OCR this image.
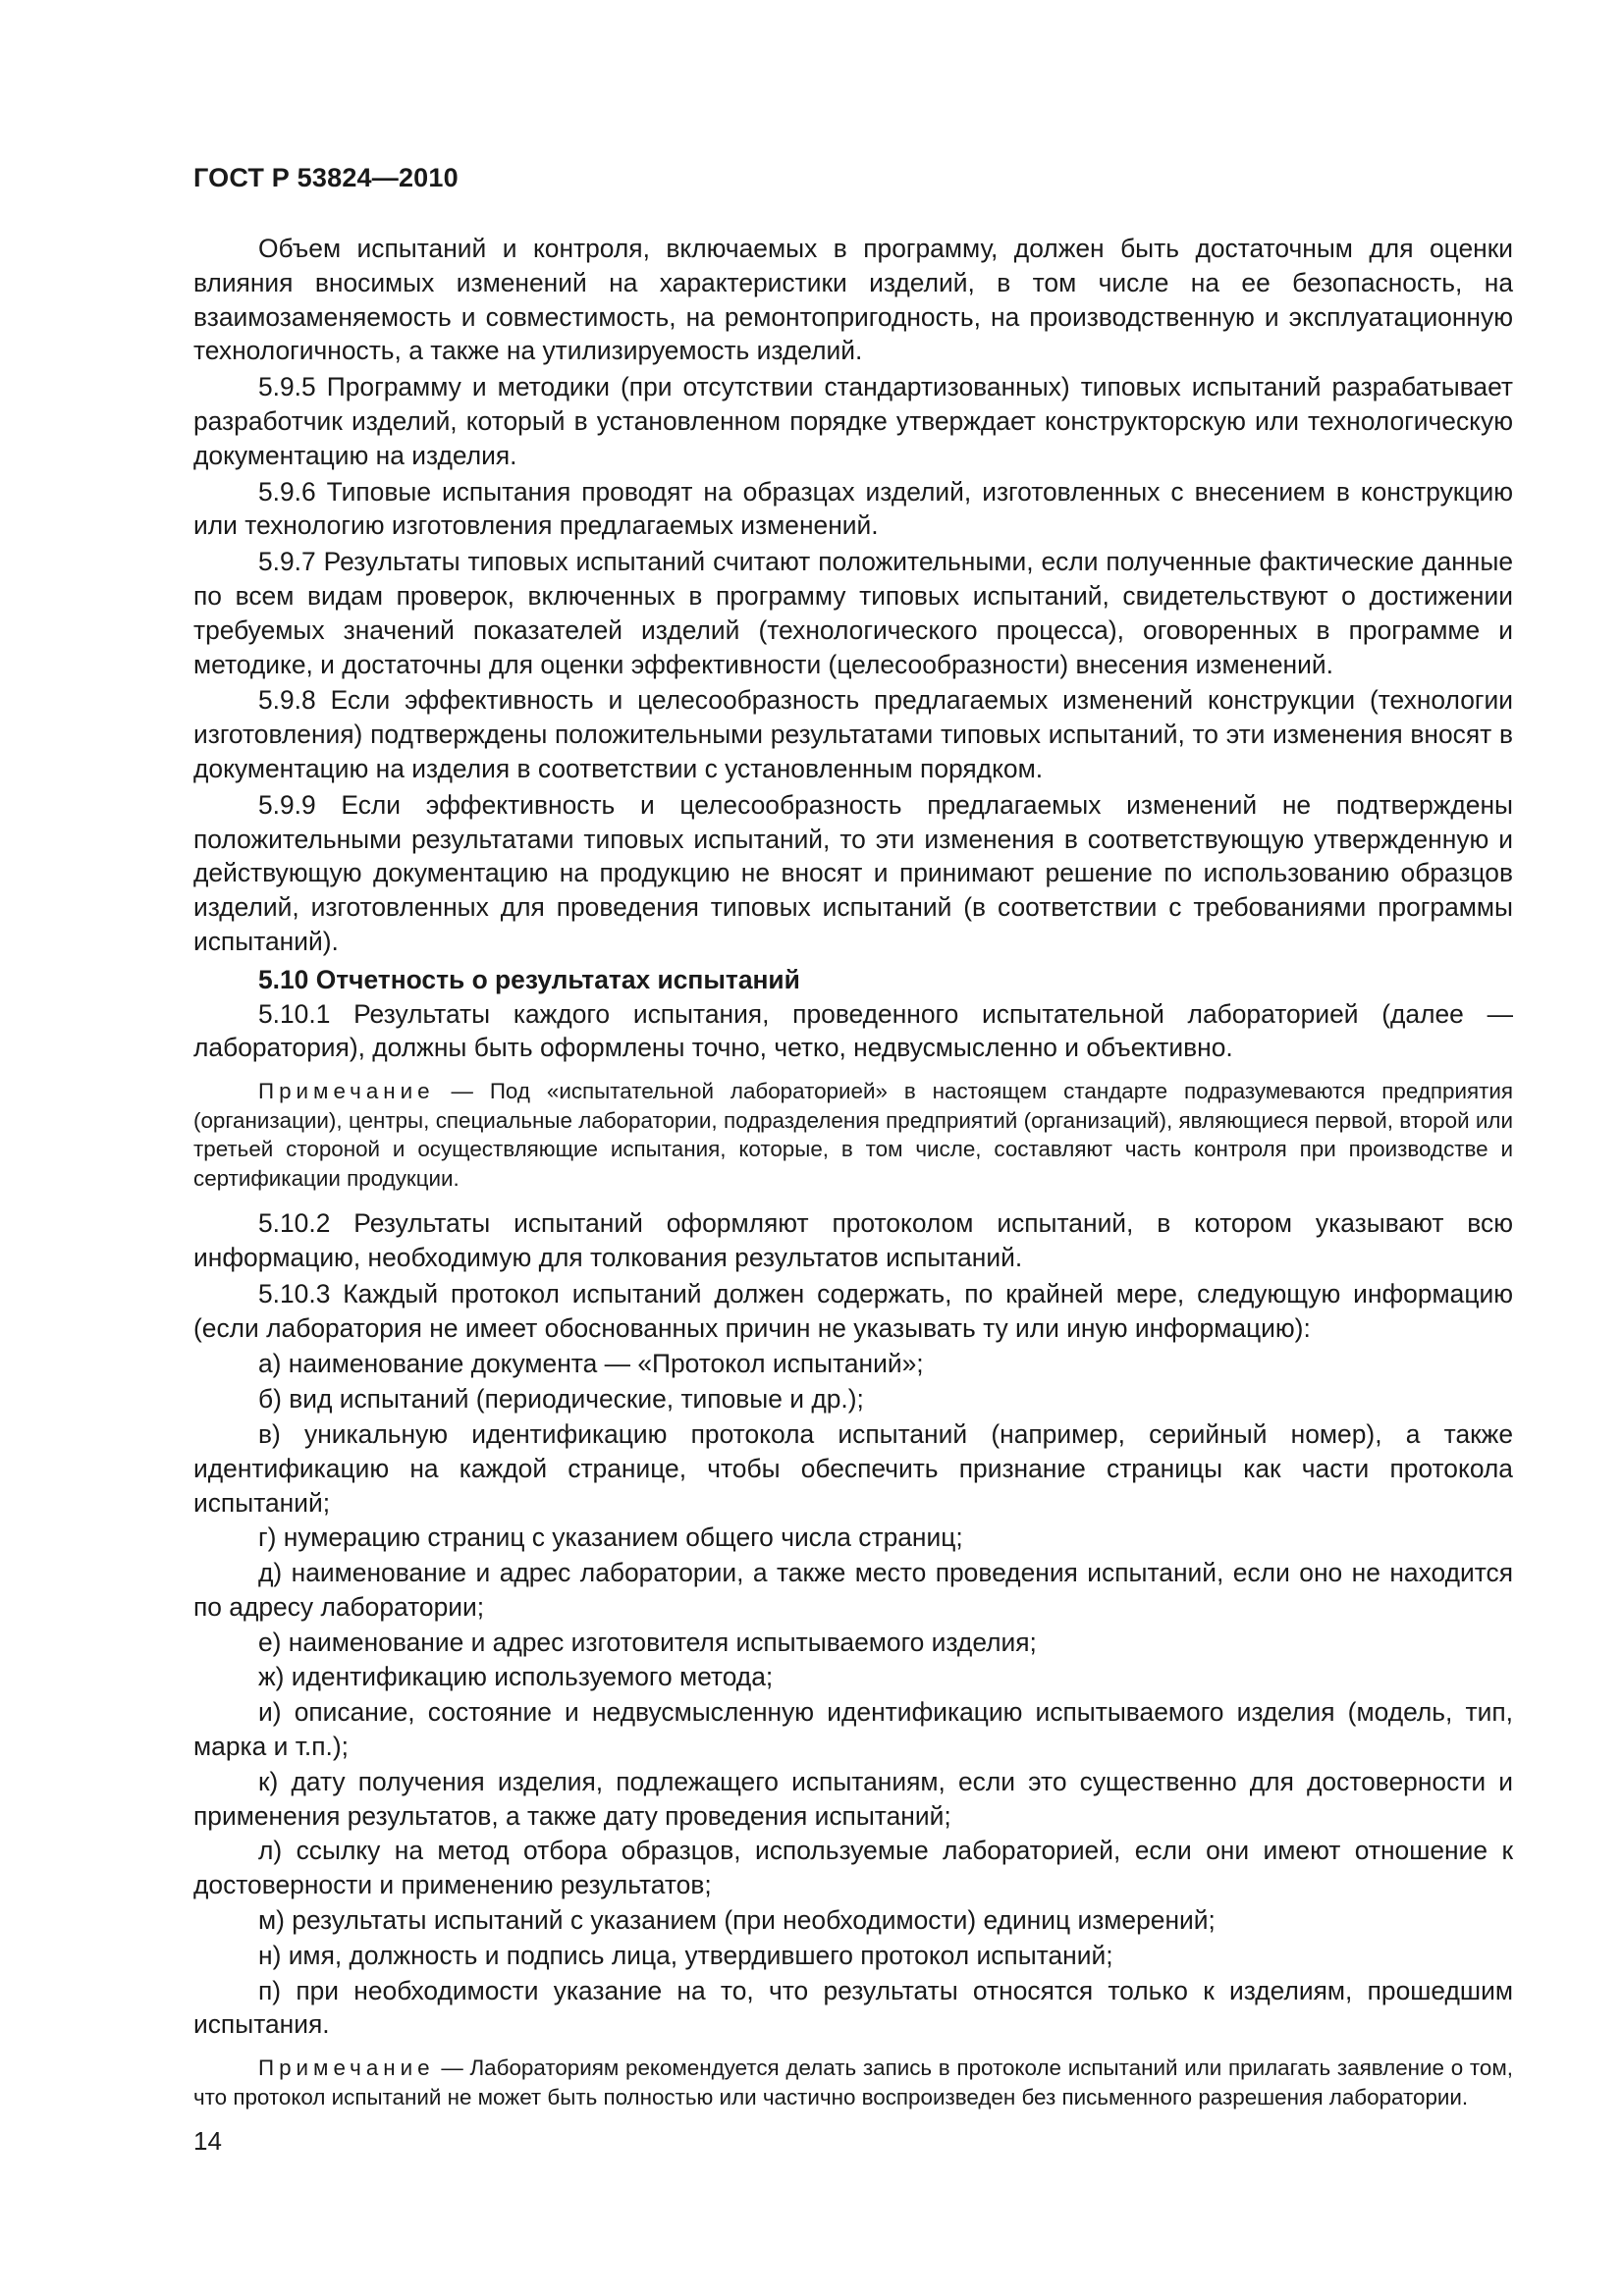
ГОСТ Р 53824—2010

Объем испытаний и контроля, включаемых в программу, должен быть достаточным для оценки влияния вносимых изменений на характеристики изделий, в том числе на ее безопасность, на взаимозаменяемость и совместимость, на ремонтопригодность, на производственную и эксплуатационную технологичность, а также на утилизируемость изделий.

5.9.5 Программу и методики (при отсутствии стандартизованных) типовых испытаний разрабатывает разработчик изделий, который в установленном порядке утверждает конструкторскую или технологическую документацию на изделия.

5.9.6 Типовые испытания проводят на образцах изделий, изготовленных с внесением в конструкцию или технологию изготовления предлагаемых изменений.

5.9.7 Результаты типовых испытаний считают положительными, если полученные фактические данные по всем видам проверок, включенных в программу типовых испытаний, свидетельствуют о достижении требуемых значений показателей изделий (технологического процесса), оговоренных в программе и методике, и достаточны для оценки эффективности (целесообразности) внесения изменений.

5.9.8 Если эффективность и целесообразность предлагаемых изменений конструкции (технологии изготовления) подтверждены положительными результатами типовых испытаний, то эти изменения вносят в документацию на изделия в соответствии с установленным порядком.

5.9.9 Если эффективность и целесообразность предлагаемых изменений не подтверждены положительными результатами типовых испытаний, то эти изменения в соответствующую утвержденную и действующую документацию на продукцию не вносят и принимают решение по использованию образцов изделий, изготовленных для проведения типовых испытаний (в соответствии с требованиями программы испытаний).

5.10 Отчетность о результатах испытаний

5.10.1 Результаты каждого испытания, проведенного испытательной лабораторией (далее — лаборатория), должны быть оформлены точно, четко, недвусмысленно и объективно.

Примечание — Под «испытательной лабораторией» в настоящем стандарте подразумеваются предприятия (организации), центры, специальные лаборатории, подразделения предприятий (организаций), являющиеся первой, второй или третьей стороной и осуществляющие испытания, которые, в том числе, составляют часть контроля при производстве и сертификации продукции.

5.10.2 Результаты испытаний оформляют протоколом испытаний, в котором указывают всю информацию, необходимую для толкования результатов испытаний.

5.10.3 Каждый протокол испытаний должен содержать, по крайней мере, следующую информацию (если лаборатория не имеет обоснованных причин не указывать ту или иную информацию):

а) наименование документа — «Протокол испытаний»;

б) вид испытаний (периодические, типовые и др.);

в) уникальную идентификацию протокола испытаний (например, серийный номер), а также идентификацию на каждой странице, чтобы обеспечить признание страницы как части протокола испытаний;

г) нумерацию страниц с указанием общего числа страниц;

д) наименование и адрес лаборатории, а также место проведения испытаний, если оно не находится по адресу лаборатории;

е) наименование и адрес изготовителя испытываемого изделия;

ж) идентификацию используемого метода;

и) описание, состояние и недвусмысленную идентификацию испытываемого изделия (модель, тип, марка и т.п.);

к) дату получения изделия, подлежащего испытаниям, если это существенно для достоверности и применения результатов, а также дату проведения испытаний;

л) ссылку на метод отбора образцов, используемые лабораторией, если они имеют отношение к достоверности и применению результатов;

м) результаты испытаний с указанием (при необходимости) единиц измерений;

н) имя, должность и подпись лица, утвердившего протокол испытаний;

п) при необходимости указание на то, что результаты относятся только к изделиям, прошедшим испытания.

Примечание — Лабораториям рекомендуется делать запись в протоколе испытаний или прилагать заявление о том, что протокол испытаний не может быть полностью или частично воспроизведен без письменного разрешения лаборатории.
14
